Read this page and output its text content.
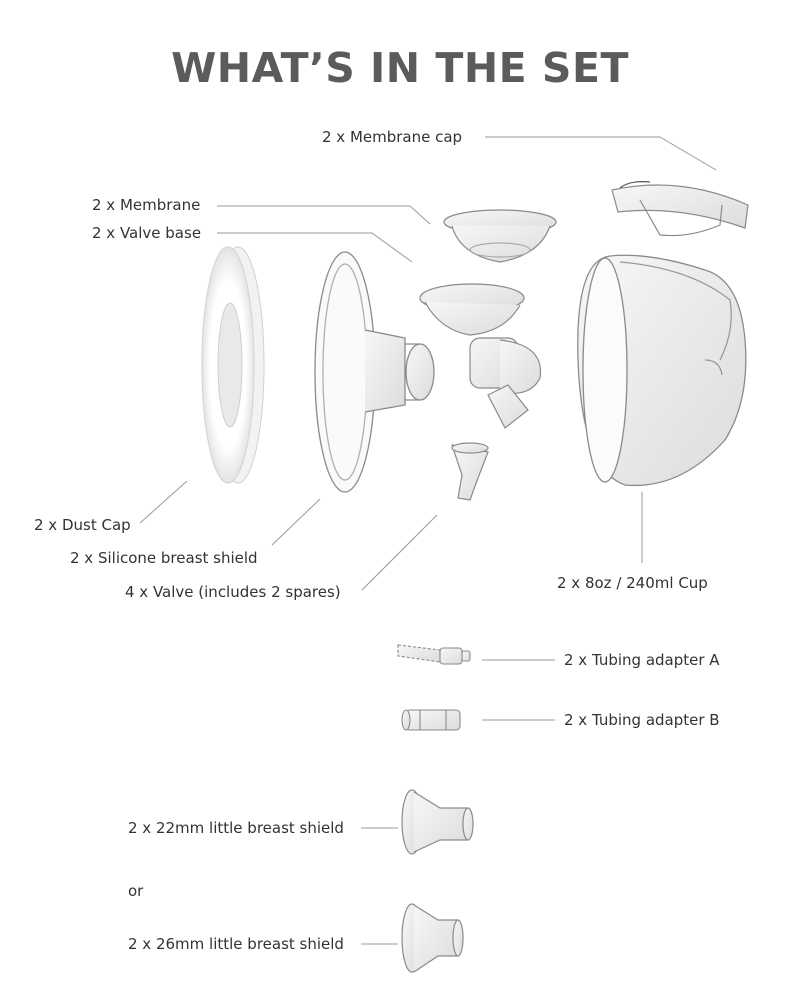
WHAT’S IN THE SET
2 x Membrane cap
2 x Membrane
2 x Valve base
2 x Dust Cap
2 x Silicone breast shield
4 x Valve (includes 2 spares)	2 x 8oz / 240ml Cup
2 x Tubing adapter A
2 x Tubing adapter B
2 x 22mm little breast shield
or
2 x 26mm little breast shield
